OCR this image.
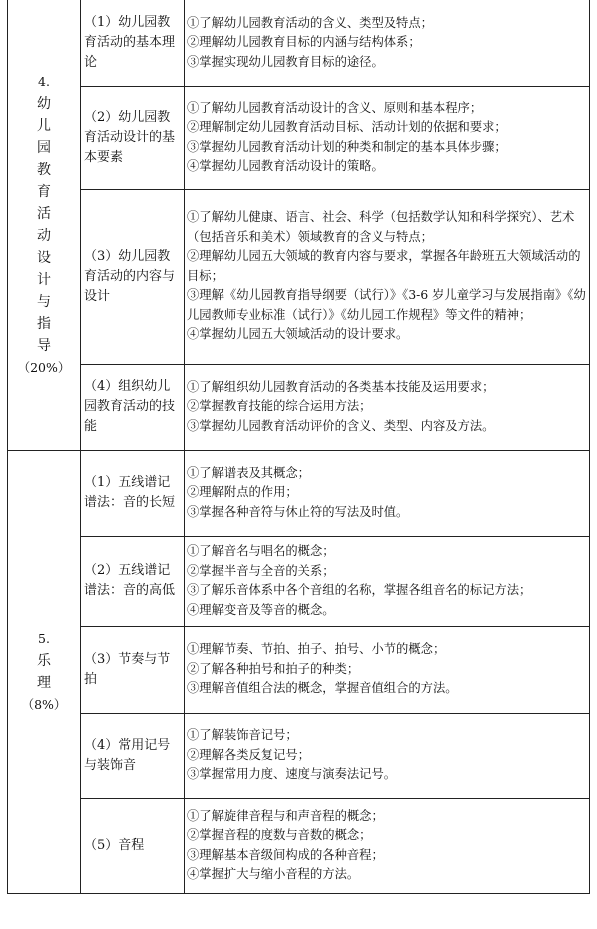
4.
幼儿园教育活动设计与指导
（20%）	（1）幼儿园教育活动的基本理论	①了解幼儿园教育活动的含义、类型及特点；
②理解幼儿园教育目标的内涵与结构体系；
③掌握实现幼儿园教育目标的途径。

	（2）幼儿园教育活动设计的基本要素	①了解幼儿园教育活动设计的含义、原则和基本程序；
②理解制定幼儿园教育活动目标、活动计划的依据和要求；
③掌握幼儿园教育活动计划的种类和制定的基本具体步骤；
④掌握幼儿园教育活动设计的策略。

	（3）幼儿园教育活动的内容与设计	①了解幼儿健康、语言、社会、科学（包括数学认知和科学探究）、艺术（包括音乐和美术）领域教育的含义与特点；
②理解幼儿园五大领域的教育内容与要求，掌握各年龄班五大领域活动的目标；
③理解《幼儿园教育指导纲要（试行）》《3-6 岁儿童学习与发展指南》《幼儿园教师专业标准（试行）》《幼儿园工作规程》等文件的精神；
④掌握幼儿园五大领域活动的设计要求。

	（4）组织幼儿园教育活动的技能	①了解组织幼儿园教育活动的各类基本技能及运用要求；
②掌握教育技能的综合运用方法；
③掌握幼儿园教育活动评价的含义、类型、内容及方法。

5.
乐理
（8%）	（1）五线谱记谱法：音的长短	①了解谱表及其概念；
②理解附点的作用；
③掌握各种音符与休止符的写法及时值。

	（2）五线谱记谱法：音的高低	①了解音名与唱名的概念；
②掌握半音与全音的关系；
③了解乐音体系中各个音组的名称，掌握各组音名的标记方法；
④理解变音及等音的概念。

	（3）节奏与节拍	①理解节奏、节拍、拍子、拍号、小节的概念；
②了解各种拍号和拍子的种类；
③理解音值组合法的概念，掌握音值组合的方法。

	（4）常用记号与装饰音	①了解装饰音记号；
②理解各类反复记号；
③掌握常用力度、速度与演奏法记号。

	（5）音程	①了解旋律音程与和声音程的概念；
②掌握音程的度数与音数的概念；
③理解基本音级间构成的各种音程；
④掌握扩大与缩小音程的方法。
